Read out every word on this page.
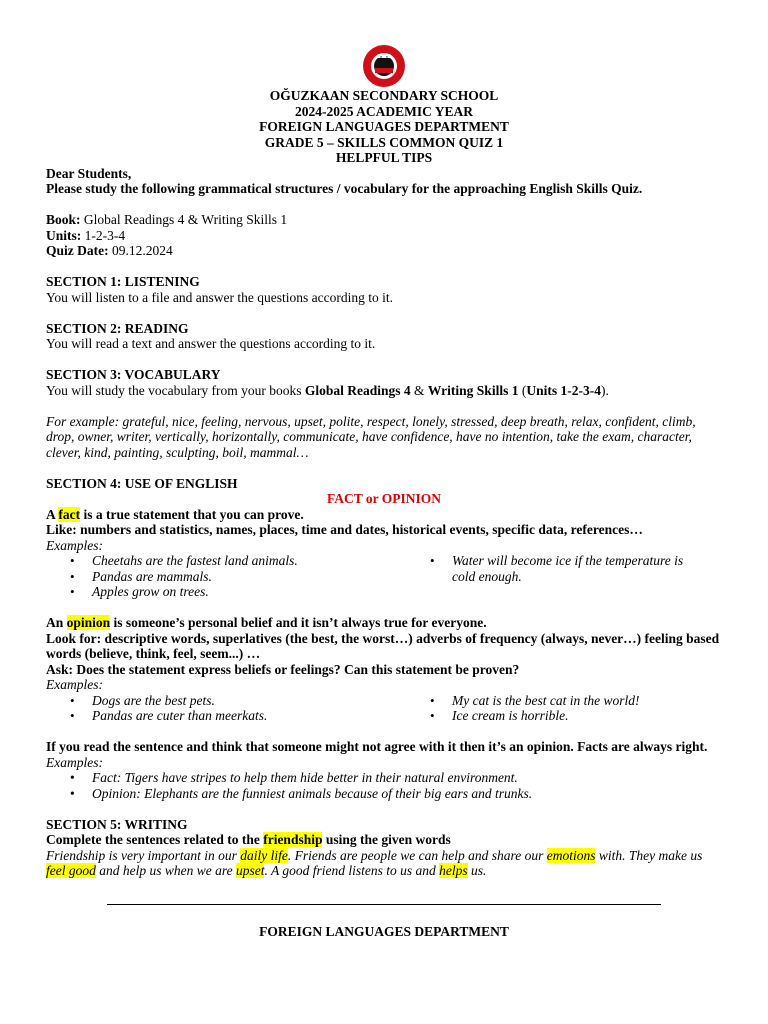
OĞUZKAAN SECONDARY SCHOOL
2024-2025 ACADEMIC YEAR
FOREIGN LANGUAGES DEPARTMENT
GRADE 5 – SKILLS COMMON QUIZ 1
HELPFUL TIPS
Dear Students,
Please study the following grammatical structures / vocabulary for the approaching English Skills Quiz.
Book: Global Readings 4 & Writing Skills 1
Units: 1-2-3-4
Quiz Date: 09.12.2024
SECTION 1: LISTENING
You will listen to a file and answer the questions according to it.
SECTION 2: READING
You will read a text and answer the questions according to it.
SECTION 3: VOCABULARY
You will study the vocabulary from your books Global Readings 4 & Writing Skills 1 (Units 1-2-3-4).
For example: grateful, nice, feeling, nervous, upset, polite, respect, lonely, stressed, deep breath, relax, confident, climb, drop, owner, writer, vertically, horizontally, communicate, have confidence, have no intention, take the exam, character, clever, kind, painting, sculpting, boil, mammal…
SECTION 4: USE OF ENGLISH
FACT or OPINION
A fact is a true statement that you can prove.
Like: numbers and statistics, names, places, time and dates, historical events, specific data, references…
Examples:
• Cheetahs are the fastest land animals.
• Pandas are mammals.
• Apples grow on trees.
• Water will become ice if the temperature is cold enough.
An opinion is someone’s personal belief and it isn’t always true for everyone.
Look for: descriptive words, superlatives (the best, the worst…) adverbs of frequency (always, never…) feeling based words (believe, think, feel, seem...) …
Ask: Does the statement express beliefs or feelings? Can this statement be proven?
Examples:
• Dogs are the best pets.
• Pandas are cuter than meerkats.
• My cat is the best cat in the world!
• Ice cream is horrible.
If you read the sentence and think that someone might not agree with it then it’s an opinion. Facts are always right.
Examples:
• Fact: Tigers have stripes to help them hide better in their natural environment.
• Opinion: Elephants are the funniest animals because of their big ears and trunks.
SECTION 5: WRITING
Complete the sentences related to the friendship using the given words
Friendship is very important in our daily life. Friends are people we can help and share our emotions with. They make us feel good and help us when we are upset. A good friend listens to us and helps us.
FOREIGN LANGUAGES DEPARTMENT
